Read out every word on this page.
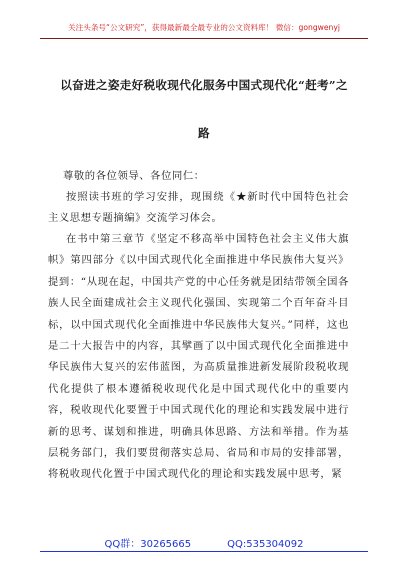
关注头条号“公文研究”，获得最新最全最专业的公文资料库！ 微信：gongwenyj
以奋进之姿走好税收现代化服务中国式现代化“赶考”之
路
尊敬的各位领导、各位同仁：
按照读书班的学习安排，现围绕《★新时代中国特色社会主义思想专题摘编》交流学习体会。
在书中第三章节《坚定不移高举中国特色社会主义伟大旗帜》第四部分《以中国式现代化全面推进中华民族伟大复兴》提到：“从现在起，中国共产党的中心任务就是团结带领全国各族人民全面建成社会主义现代化强国、实现第二个百年奋斗目标，以中国式现代化全面推进中华民族伟大复兴。”同样，这也是二十大报告中的内容，其擘画了以中国式现代化全面推进中华民族伟大复兴的宏伟蓝图，为高质量推进新发展阶段税收现代化提供了根本遵循税收现代化是中国式现代化中的重要内容，税收现代化要置于中国式现代化的理论和实践发展中进行新的思考、谋划和推进，明确具体思路、方法和举措。作为基层税务部门，我们要贯彻落实总局、省局和市局的安排部署，将税收现代化置于中国式现代化的理论和实践发展中思考，紧
QQ群：30265665	QQ:535304092
